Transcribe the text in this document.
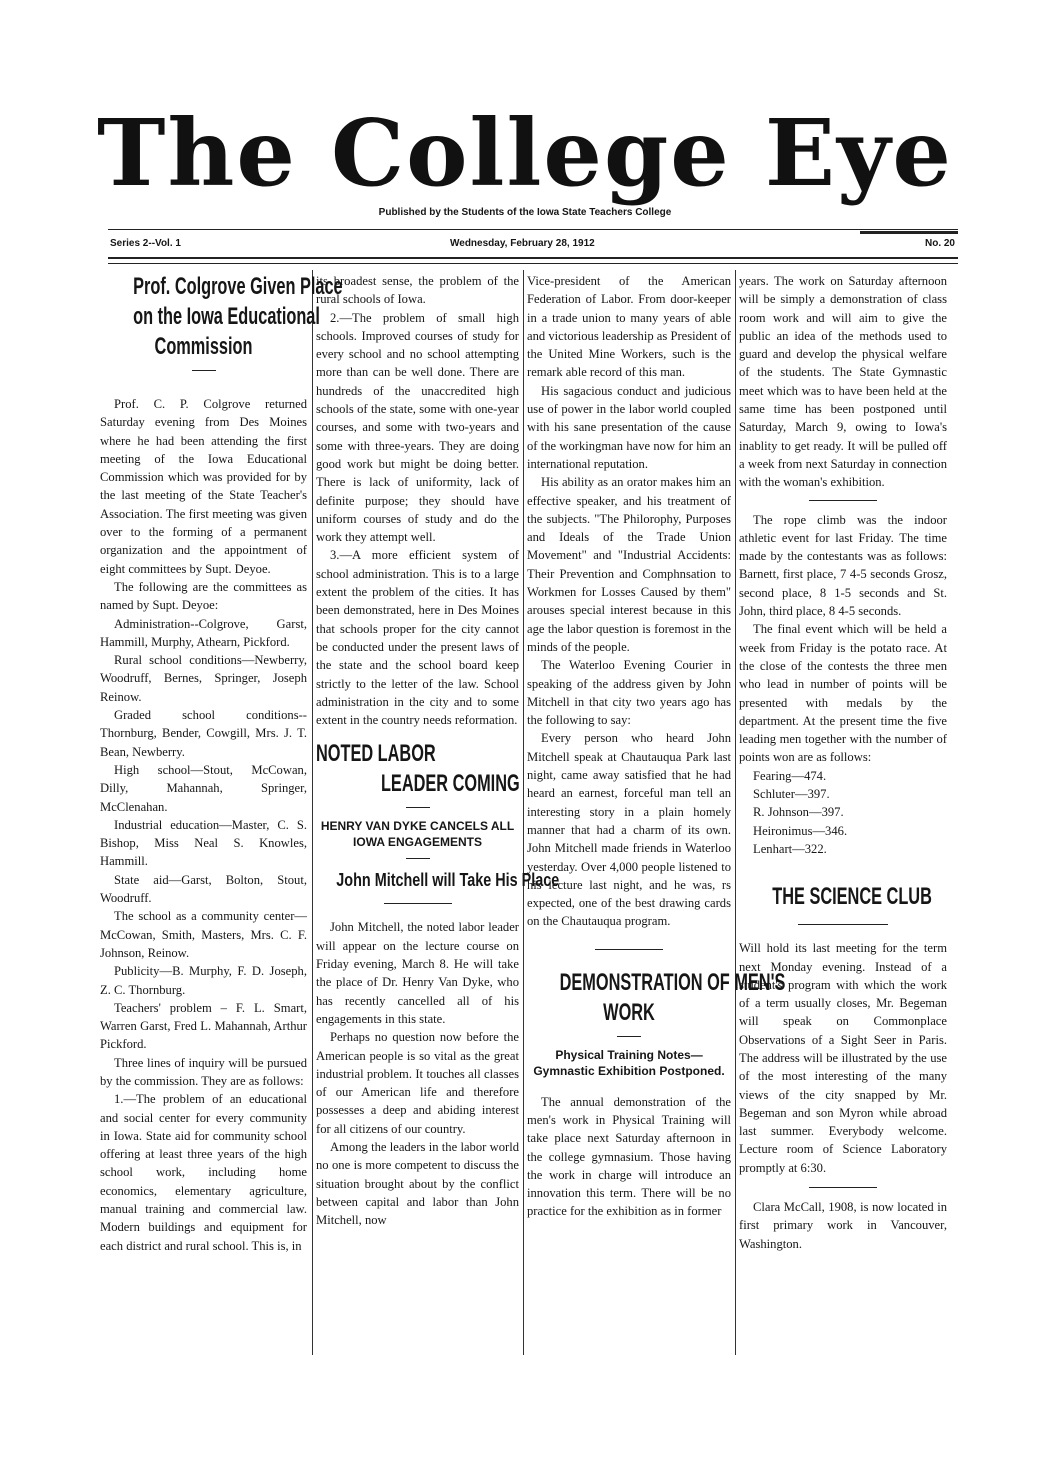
The College Eye
Published by the Students of the Iowa State Teachers College
Series 2--Vol. 1	Wednesday, February 28, 1912	No. 20
Prof. Colgrove Given Place
on the Iowa Educational
Commission

Prof. C. P. Colgrove returned Saturday evening from Des Moines where he had been attending the first meeting of the Iowa Educational Commission which was provided for by the last meeting of the State Teacher's Association. The first meeting was given over to the forming of a permanent organization and the appointment of eight committees by Supt. Deyoe.

The following are the committees as named by Supt. Deyoe:

Administration--Colgrove, Garst, Hammill, Murphy, Athearn, Pickford.

Rural school conditions—Newberry, Woodruff, Bernes, Springer, Joseph Reinow.

Graded school conditions--Thornburg, Bender, Cowgill, Mrs. J. T. Bean, Newberry.

High school—Stout, McCowan, Dilly, Mahannah, Springer, McClenahan.

Industrial education—Master, C. S. Bishop, Miss Neal S. Knowles, Hammill.

State aid—Garst, Bolton, Stout, Woodruff.

The school as a community center—McCowan, Smith, Masters, Mrs. C. F. Johnson, Reinow.

Publicity—B. Murphy, F. D. Joseph, Z. C. Thornburg.

Teachers' problem – F. L. Smart, Warren Garst, Fred L. Mahannah, Arthur Pickford.

Three lines of inquiry will be pursued by the commission. They are as follows:

1.—The problem of an educational and social center for every community in Iowa. State aid for community school offering at least three years of the high school work, including home economics, elementary agriculture, manual training and commercial law. Modern buildings and equipment for each district and rural school. This is, in

its broadest sense, the problem of the rural schools of Iowa.

2.—The problem of small high schools. Improved courses of study for every school and no school attempting more than can be well done. There are hundreds of the unaccredited high schools of the state, some with one-year courses, and some with two-years and some with three-years. They are doing good work but might be doing better. There is lack of uniformity, lack of definite purpose; they should have uniform courses of study and do the work they attempt well.

3.—A more efficient system of school administration. This is to a large extent the problem of the cities. It has been demonstrated, here in Des Moines that schools proper for the city cannot be conducted under the present laws of the state and the school board keep strictly to the letter of the law. School administration in the city and to some extent in the country needs reformation.

NOTED LABOR
LEADER COMING
HENRY VAN DYKE CANCELS ALL IOWA ENGAGEMENTS
John Mitchell will Take His Place

John Mitchell, the noted labor leader will appear on the lecture course on Friday evening, March 8. He will take the place of Dr. Henry Van Dyke, who has recently cancelled all of his engagements in this state.

Perhaps no question now before the American people is so vital as the great industrial problem. It touches all classes of our American life and therefore possesses a deep and abiding interest for all citizens of our country.

Among the leaders in the labor world no one is more competent to discuss the situation brought about by the conflict between capital and labor than John Mitchell, now

Vice-president of the American Federation of Labor. From door-keeper in a trade union to many years of able and victorious leadership as President of the United Mine Workers, such is the remark able record of this man.

His sagacious conduct and judicious use of power in the labor world coupled with his sane presentation of the cause of the workingman have now for him an international reputation.

His ability as an orator makes him an effective speaker, and his treatment of the subjects. "The Philorophy, Purposes and Ideals of the Trade Union Movement" and "Industrial Accidents: Their Prevention and Comphnsation to Workmen for Losses Caused by them" arouses special interest because in this age the labor question is foremost in the minds of the people.

The Waterloo Evening Courier in speaking of the address given by John Mitchell in that city two years ago has the following to say:

Every person who heard John Mitchell speak at Chautauqua Park last night, came away satisfied that he had heard an earnest, forceful man tell an interesting story in a plain homely manner that had a charm of its own. John Mitchell made friends in Waterloo yesterday. Over 4,000 people listened to his lecture last night, and he was, rs expected, one of the best drawing cards on the Chautauqua program.

DEMONSTRATION OF MEN'S
WORK
Physical Training Notes—Gymnastic Exhibition Postponed.

The annual demonstration of the men's work in Physical Training will take place next Saturday afternoon in the college gymnasium. Those having the work in charge will introduce an innovation this term. There will be no practice for the exhibition as in former

years. The work on Saturday afternoon will be simply a demonstration of class room work and will aim to give the public an idea of the methods used to guard and develop the physical welfare of the students. The State Gymnastic meet which was to have been held at the same time has been postponed until Saturday, March 9, owing to Iowa's inablity to get ready. It will be pulled off a week from next Saturday in connection with the woman's exhibition.

The rope climb was the indoor athletic event for last Friday. The time made by the contestants was as follows: Barnett, first place, 7 4-5 seconds Grosz, second place, 8 1-5 seconds and St. John, third place, 8 4-5 seconds.

The final event which will be held a week from Friday is the potato race. At the close of the contests the three men who lead in number of points will be presented with medals by the department. At the present time the five leading men together with the number of points won are as follows:

Fearing—474.

Schluter—397.

R. Johnson—397.

Heironimus—346.

Lenhart—322.

THE SCIENCE CLUB

Will hold its last meeting for the term next Monday evening. Instead of a student's program with which the work of a term usually closes, Mr. Begeman will speak on Commonplace Observations of a Sight Seer in Paris. The address will be illustrated by the use of the most interesting of the many views of the city snapped by Mr. Begeman and son Myron while abroad last summer. Everybody welcome. Lecture room of Science Laboratory promptly at 6:30.

Clara McCall, 1908, is now located in first primary work in Vancouver, Washington.
